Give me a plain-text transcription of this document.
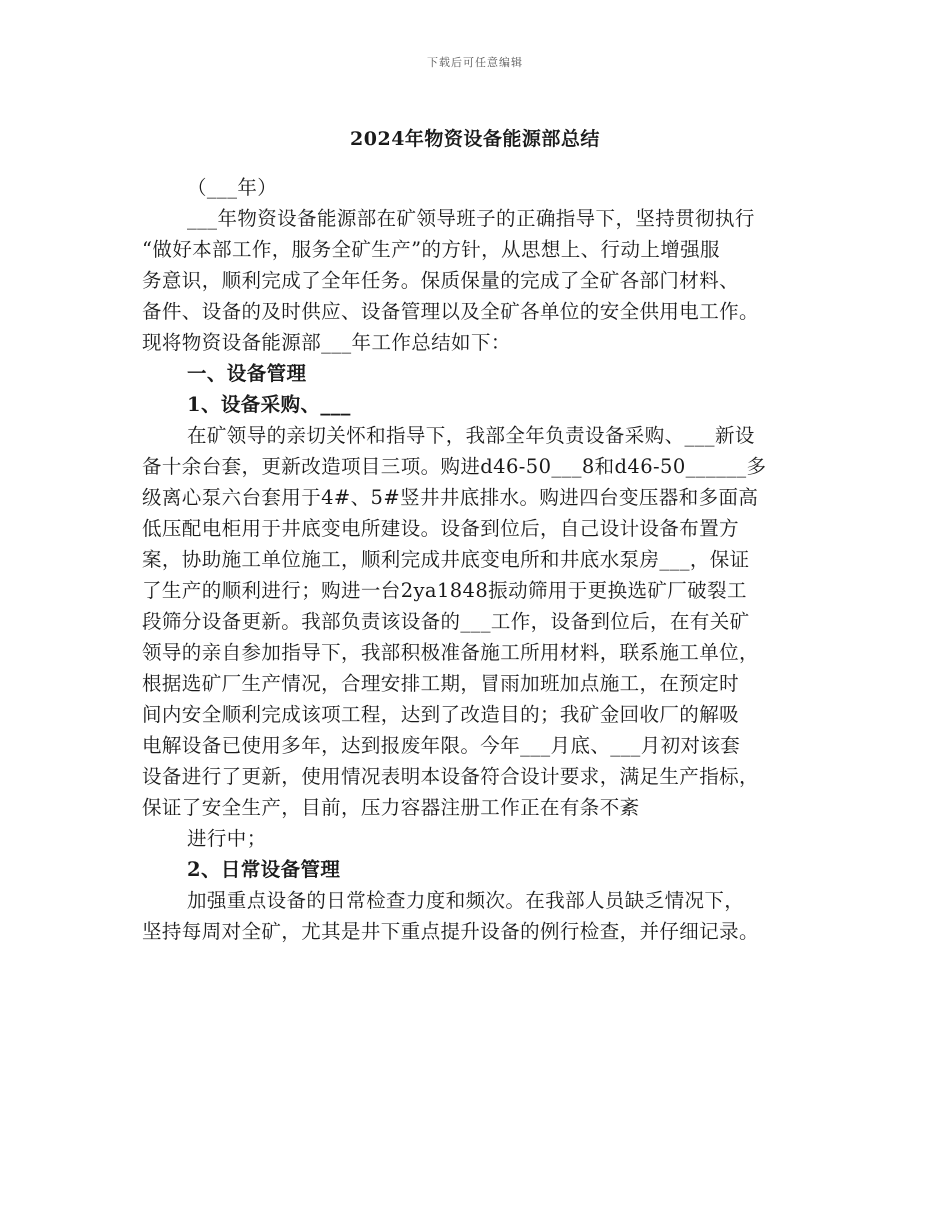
下载后可任意编辑
2024年物资设备能源部总结
（___年）
___年物资设备能源部在矿领导班子的正确指导下，坚持贯彻执行
“做好本部工作，服务全矿生产”的方针，从思想上、行动上增强服
务意识，顺利完成了全年任务。保质保量的完成了全矿各部门材料、
备件、设备的及时供应、设备管理以及全矿各单位的安全供用电工作。
现将物资设备能源部___年工作总结如下：
一、设备管理
1、设备采购、___
在矿领导的亲切关怀和指导下，我部全年负责设备采购、___新设
备十余台套，更新改造项目三项。购进d46-50___8和d46-50______多
级离心泵六台套用于4#、5#竖井井底排水。购进四台变压器和多面高
低压配电柜用于井底变电所建设。设备到位后，自己设计设备布置方
案，协助施工单位施工，顺利完成井底变电所和井底水泵房___，保证
了生产的顺利进行；购进一台2ya1848振动筛用于更换选矿厂破裂工
段筛分设备更新。我部负责该设备的___工作，设备到位后，在有关矿
领导的亲自参加指导下，我部积极准备施工所用材料，联系施工单位，
根据选矿厂生产情况，合理安排工期，冒雨加班加点施工，在预定时
间内安全顺利完成该项工程，达到了改造目的；我矿金回收厂的解吸
电解设备已使用多年，达到报废年限。今年___月底、___月初对该套
设备进行了更新，使用情况表明本设备符合设计要求，满足生产指标，
保证了安全生产，目前，压力容器注册工作正在有条不紊
进行中；
2、日常设备管理
加强重点设备的日常检查力度和频次。在我部人员缺乏情况下，
坚持每周对全矿，尤其是井下重点提升设备的例行检查，并仔细记录。
